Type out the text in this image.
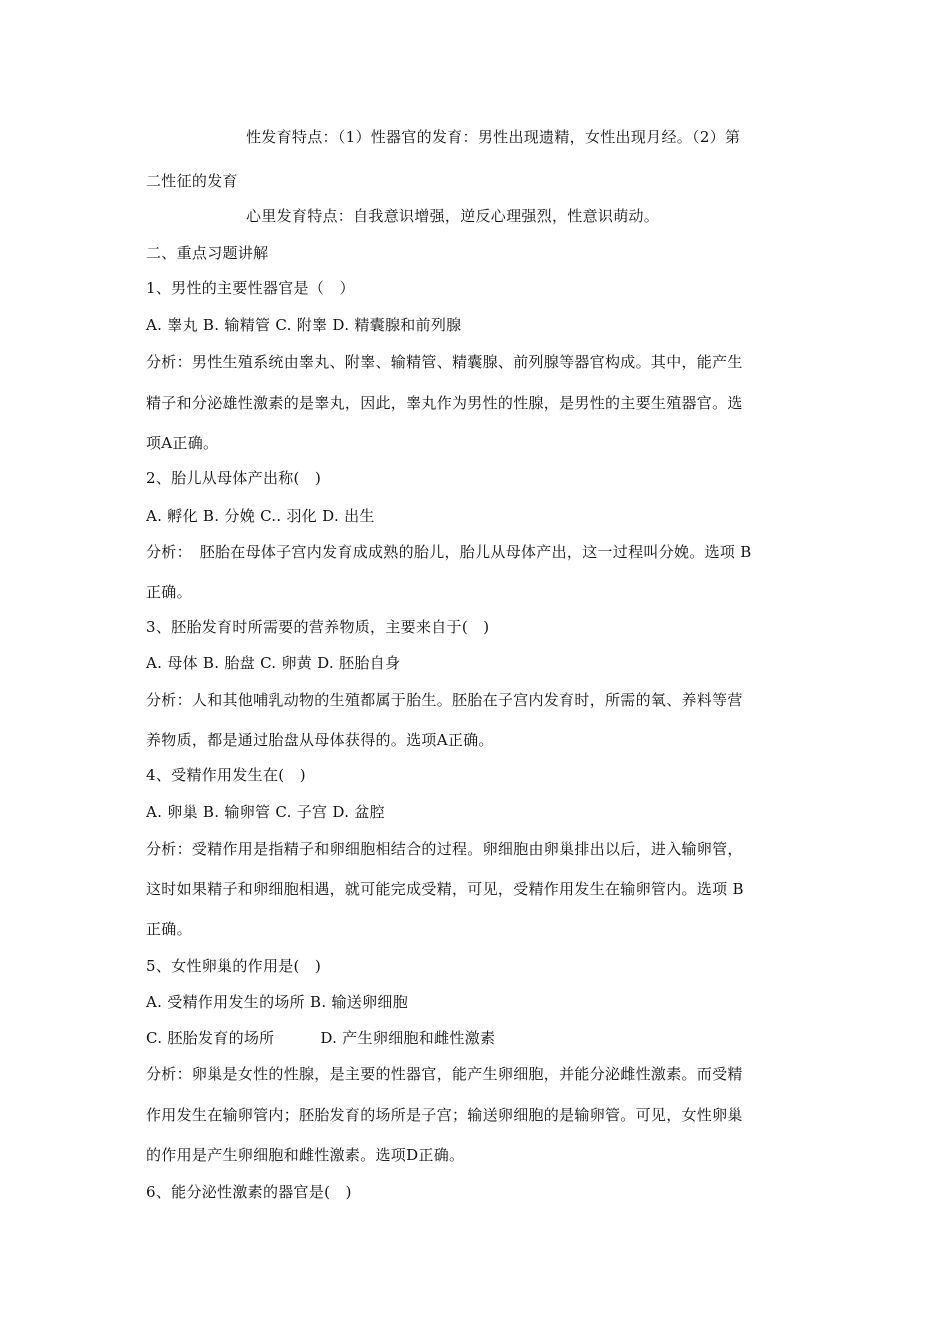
性发育特点：（1）性器官的发育：男性出现遗精，女性出现月经。（2）第
二性征的发育
心里发育特点：自我意识增强，逆反心理强烈，性意识萌动。
二、重点习题讲解
1、男性的主要性器官是（　）
A. 睾丸 B. 输精管 C. 附睾 D. 精囊腺和前列腺
分析：男性生殖系统由睾丸、附睾、输精管、精囊腺、前列腺等器官构成。其中，能产生
精子和分泌雄性激素的是睾丸，因此，睾丸作为男性的性腺，是男性的主要生殖器官。选
项A正确。
2、胎儿从母体产出称(　)
A. 孵化 B. 分娩 C.. 羽化 D. 出生
分析：　胚胎在母体子宫内发育成成熟的胎儿，胎儿从母体产出，这一过程叫分娩。选项 B
正确。
3、胚胎发育时所需要的营养物质，主要来自于(　)
A. 母体 B. 胎盘 C. 卵黄 D. 胚胎自身
分析：人和其他哺乳动物的生殖都属于胎生。胚胎在子宫内发育时，所需的氧、养料等营
养物质，都是通过胎盘从母体获得的。选项A正确。
4、受精作用发生在(　)
A. 卵巢 B. 输卵管 C. 子宫 D. 盆腔
分析：受精作用是指精子和卵细胞相结合的过程。卵细胞由卵巢排出以后，进入输卵管，
这时如果精子和卵细胞相遇，就可能完成受精，可见，受精作用发生在输卵管内。选项 B
正确。
5、女性卵巢的作用是(　)
A. 受精作用发生的场所 B. 输送卵细胞
C. 胚胎发育的场所　　　D. 产生卵细胞和雌性激素
分析：卵巢是女性的性腺，是主要的性器官，能产生卵细胞，并能分泌雌性激素。而受精
作用发生在输卵管内；胚胎发育的场所是子宫；输送卵细胞的是输卵管。可见，女性卵巢
的作用是产生卵细胞和雌性激素。选项D正确。
6、能分泌性激素的器官是(　)
